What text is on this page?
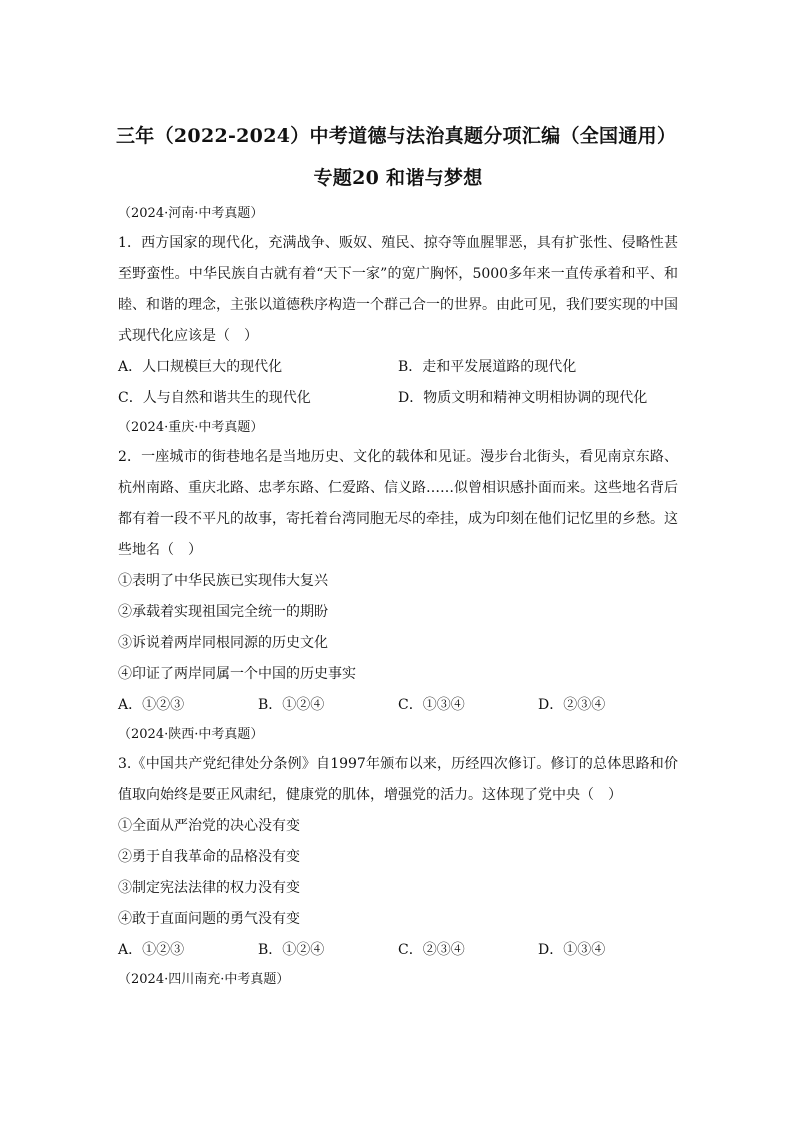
三年（2022-2024）中考道德与法治真题分项汇编（全国通用）
专题20 和谐与梦想

（2024·河南·中考真题）

1．西方国家的现代化，充满战争、贩奴、殖民、掠夺等血腥罪恶，具有扩张性、侵略性甚至野蛮性。中华民族自古就有着“天下一家”的宽广胸怀，5000多年来一直传承着和平、和睦、和谐的理念，主张以道德秩序构造一个群己合一的世界。由此可见，我们要实现的中国式现代化应该是（　）

A．人口规模巨大的现代化	B．走和平发展道路的现代化
C．人与自然和谐共生的现代化	D．物质文明和精神文明相协调的现代化

（2024·重庆·中考真题）

2．一座城市的街巷地名是当地历史、文化的载体和见证。漫步台北街头，看见南京东路、杭州南路、重庆北路、忠孝东路、仁爱路、信义路……似曾相识感扑面而来。这些地名背后都有着一段不平凡的故事，寄托着台湾同胞无尽的牵挂，成为印刻在他们记忆里的乡愁。这些地名（　）

①表明了中华民族已实现伟大复兴

②承载着实现祖国完全统一的期盼

③诉说着两岸同根同源的历史文化

④印证了两岸同属一个中国的历史事实

A．①②③	B．①②④	C．①③④	D．②③④

（2024·陕西·中考真题）

3.《中国共产党纪律处分条例》自1997年颁布以来，历经四次修订。修订的总体思路和价值取向始终是要正风肃纪，健康党的肌体，增强党的活力。这体现了党中央（　）

①全面从严治党的决心没有变

②勇于自我革命的品格没有变

③制定宪法法律的权力没有变

④敢于直面问题的勇气没有变

A．①②③	B．①②④	C．②③④	D．①③④

（2024·四川南充·中考真题）
